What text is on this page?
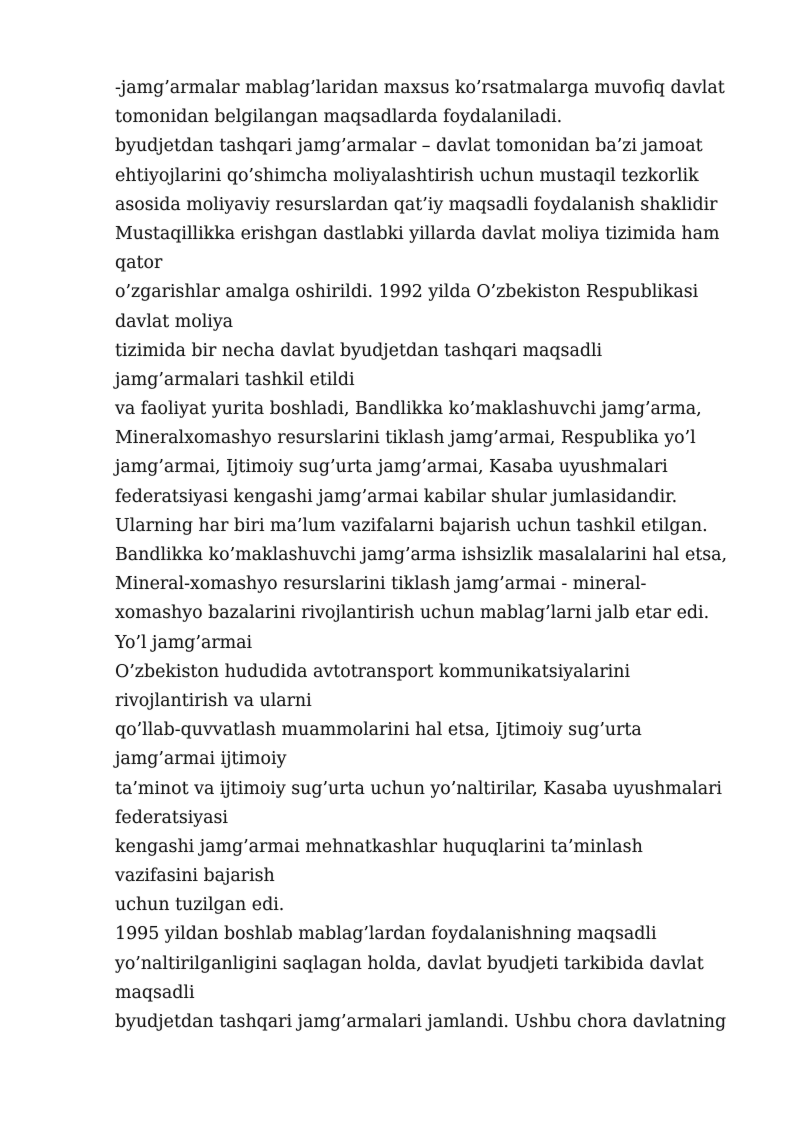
-jamg’armalar mablag’laridan maxsus ko’rsatmalarga muvofiq davlat
tomonidan belgilangan maqsadlarda foydalaniladi.
byudjetdan tashqari jamg’armalar – davlat tomonidan ba’zi jamoat
ehtiyojlarini qo’shimcha moliyalashtirish uchun mustaqil tezkorlik
asosida moliyaviy resurslardan qat’iy maqsadli foydalanish shaklidir
Mustaqillikka erishgan dastlabki yillarda davlat moliya tizimida ham
qator
o’zgarishlar amalga oshirildi. 1992 yilda O’zbekiston Respublikasi
davlat moliya
tizimida bir necha davlat byudjetdan tashqari maqsadli
jamg’armalari tashkil etildi
va faoliyat yurita boshladi, Bandlikka ko’maklashuvchi jamg’arma,
Mineralxomashyo resurslarini tiklash jamg’armai, Respublika yo’l
jamg’armai, Ijtimoiy sug’urta jamg’armai, Kasaba uyushmalari
federatsiyasi kengashi jamg’armai kabilar shular jumlasidandir.
Ularning har biri ma’lum vazifalarni bajarish uchun tashkil etilgan.
Bandlikka ko’maklashuvchi jamg’arma ishsizlik masalalarini hal etsa,
Mineral-xomashyo resurslarini tiklash jamg’armai - mineral-
xomashyo bazalarini rivojlantirish uchun mablag’larni jalb etar edi.
Yo’l jamg’armai
O’zbekiston hududida avtotransport kommunikatsiyalarini
rivojlantirish va ularni
qo’llab-quvvatlash muammolarini hal etsa, Ijtimoiy sug’urta
jamg’armai ijtimoiy
ta’minot va ijtimoiy sug’urta uchun yo’naltirilar, Kasaba uyushmalari
federatsiyasi
kengashi jamg’armai mehnatkashlar huquqlarini ta’minlash
vazifasini bajarish
uchun tuzilgan edi.
1995 yildan boshlab mablag’lardan foydalanishning maqsadli
yo’naltirilganligini saqlagan holda, davlat byudjeti tarkibida davlat
maqsadli
byudjetdan tashqari jamg’armalari jamlandi. Ushbu chora davlatning
